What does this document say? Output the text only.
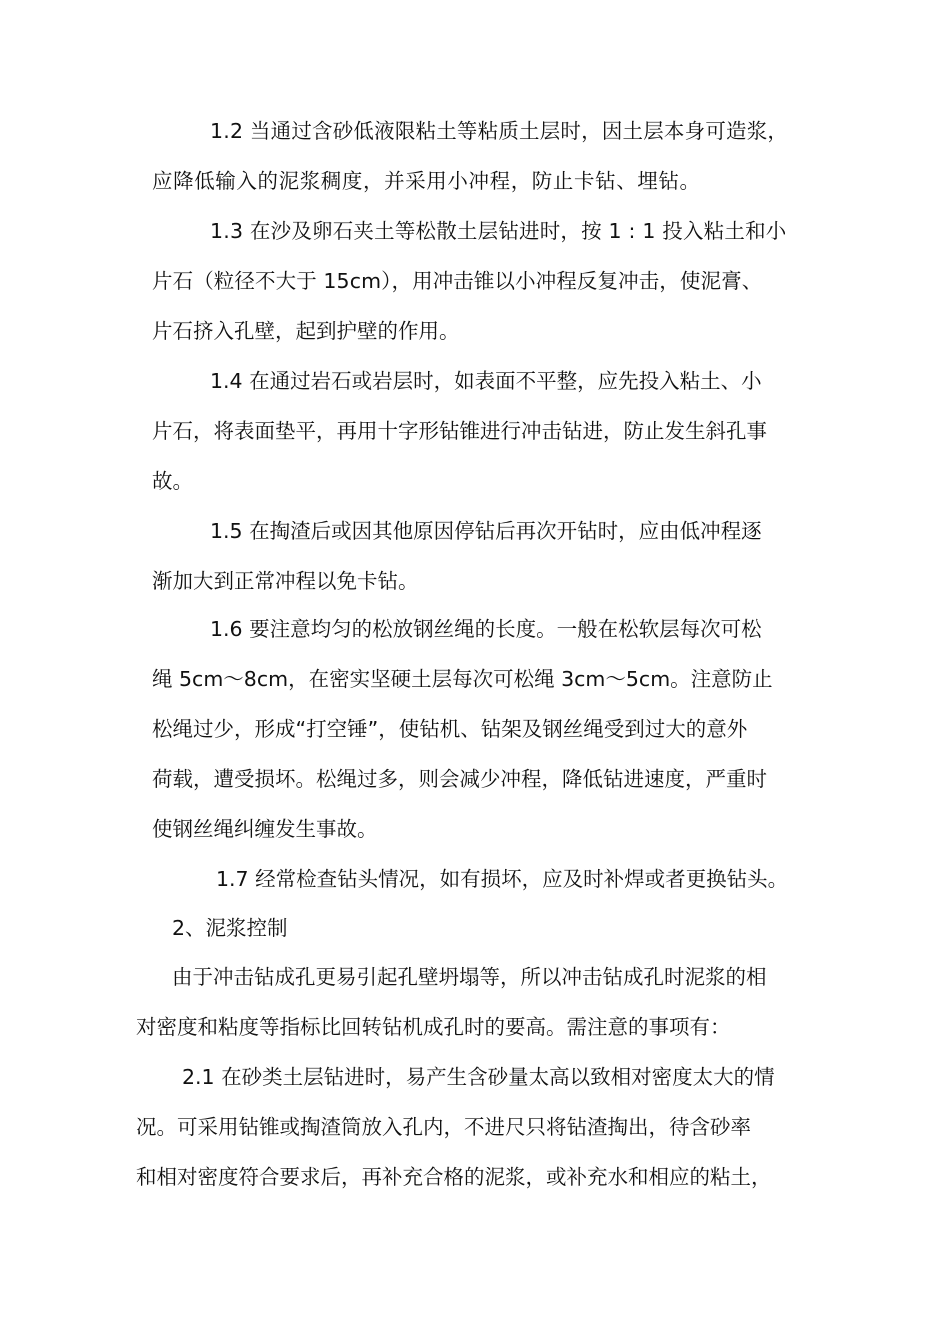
1.2 当通过含砂低液限粘土等粘质土层时，因土层本身可造浆，
应降低输入的泥浆稠度，并采用小冲程，防止卡钻、埋钻。
1.3 在沙及卵石夹土等松散土层钻进时，按 1 : 1 投入粘土和小
片石（粒径不大于 15cm），用冲击锥以小冲程反复冲击，使泥膏、
片石挤入孔壁，起到护壁的作用。
1.4 在通过岩石或岩层时，如表面不平整，应先投入粘土、小
片石，将表面垫平，再用十字形钻锥进行冲击钻进，防止发生斜孔事
故。
1.5 在掏渣后或因其他原因停钻后再次开钻时，应由低冲程逐
渐加大到正常冲程以免卡钻。
1.6 要注意均匀的松放钢丝绳的长度。一般在松软层每次可松
绳 5cm～8cm，在密实坚硬土层每次可松绳 3cm～5cm。注意防止
松绳过少，形成“打空锤”，使钻机、钻架及钢丝绳受到过大的意外
荷载，遭受损坏。松绳过多，则会减少冲程，降低钻进速度，严重时
使钢丝绳纠缠发生事故。
1.7 经常检查钻头情况，如有损坏，应及时补焊或者更换钻头。
2、泥浆控制
由于冲击钻成孔更易引起孔壁坍塌等，所以冲击钻成孔时泥浆的相
对密度和粘度等指标比回转钻机成孔时的要高。需注意的事项有：
2.1 在砂类土层钻进时，易产生含砂量太高以致相对密度太大的情
况。可采用钻锥或掏渣筒放入孔内，不进尺只将钻渣掏出，待含砂率
和相对密度符合要求后，再补充合格的泥浆，或补充水和相应的粘土，
